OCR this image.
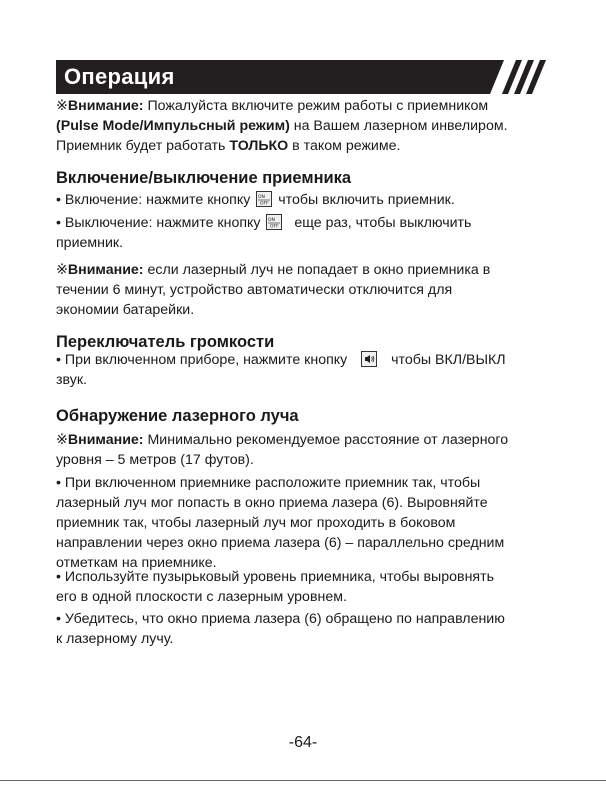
Операция
※Внимание: Пожалуйста включите режим работы с приемником
(Pulse Mode/Импульсный режим) на Вашем лазерном инвелиром.
Приемник будет работать ТОЛЬКО в таком режиме.
Включение/выключение приемника
• Включение: нажмите кнопку ON
OFF чтобы включить приемник.
• Выключение: нажмите кнопку ON
OFF еще раз, чтобы выключить
приемник.
※Внимание: если лазерный луч не попадает в окно приемника в
течении 6 минут, устройство автоматически отключится для
экономии батарейки.
Переключатель громкости
• При включенном приборе, нажмите кнопку	чтобы ВКЛ/ВЫКЛ
звук.
Обнаружение лазерного луча
※Внимание: Минимально рекомендуемое расстояние от лазерного
уровня – 5 метров (17 футов).
• При включенном приемнике расположите приемник так, чтобы
лазерный луч мог попасть в окно приема лазера (6). Выровняйте
приемник так, чтобы лазерный луч мог проходить в боковом
направлении через окно приема лазера (6) – параллельно средним
отметкам на приемнике.
• Используйте пузырьковый уровень приемника, чтобы выровнять
его в одной плоскости с лазерным уровнем.
• Убедитесь, что окно приема лазера (6) обращено по направлению
к лазерному лучу.
-64-
